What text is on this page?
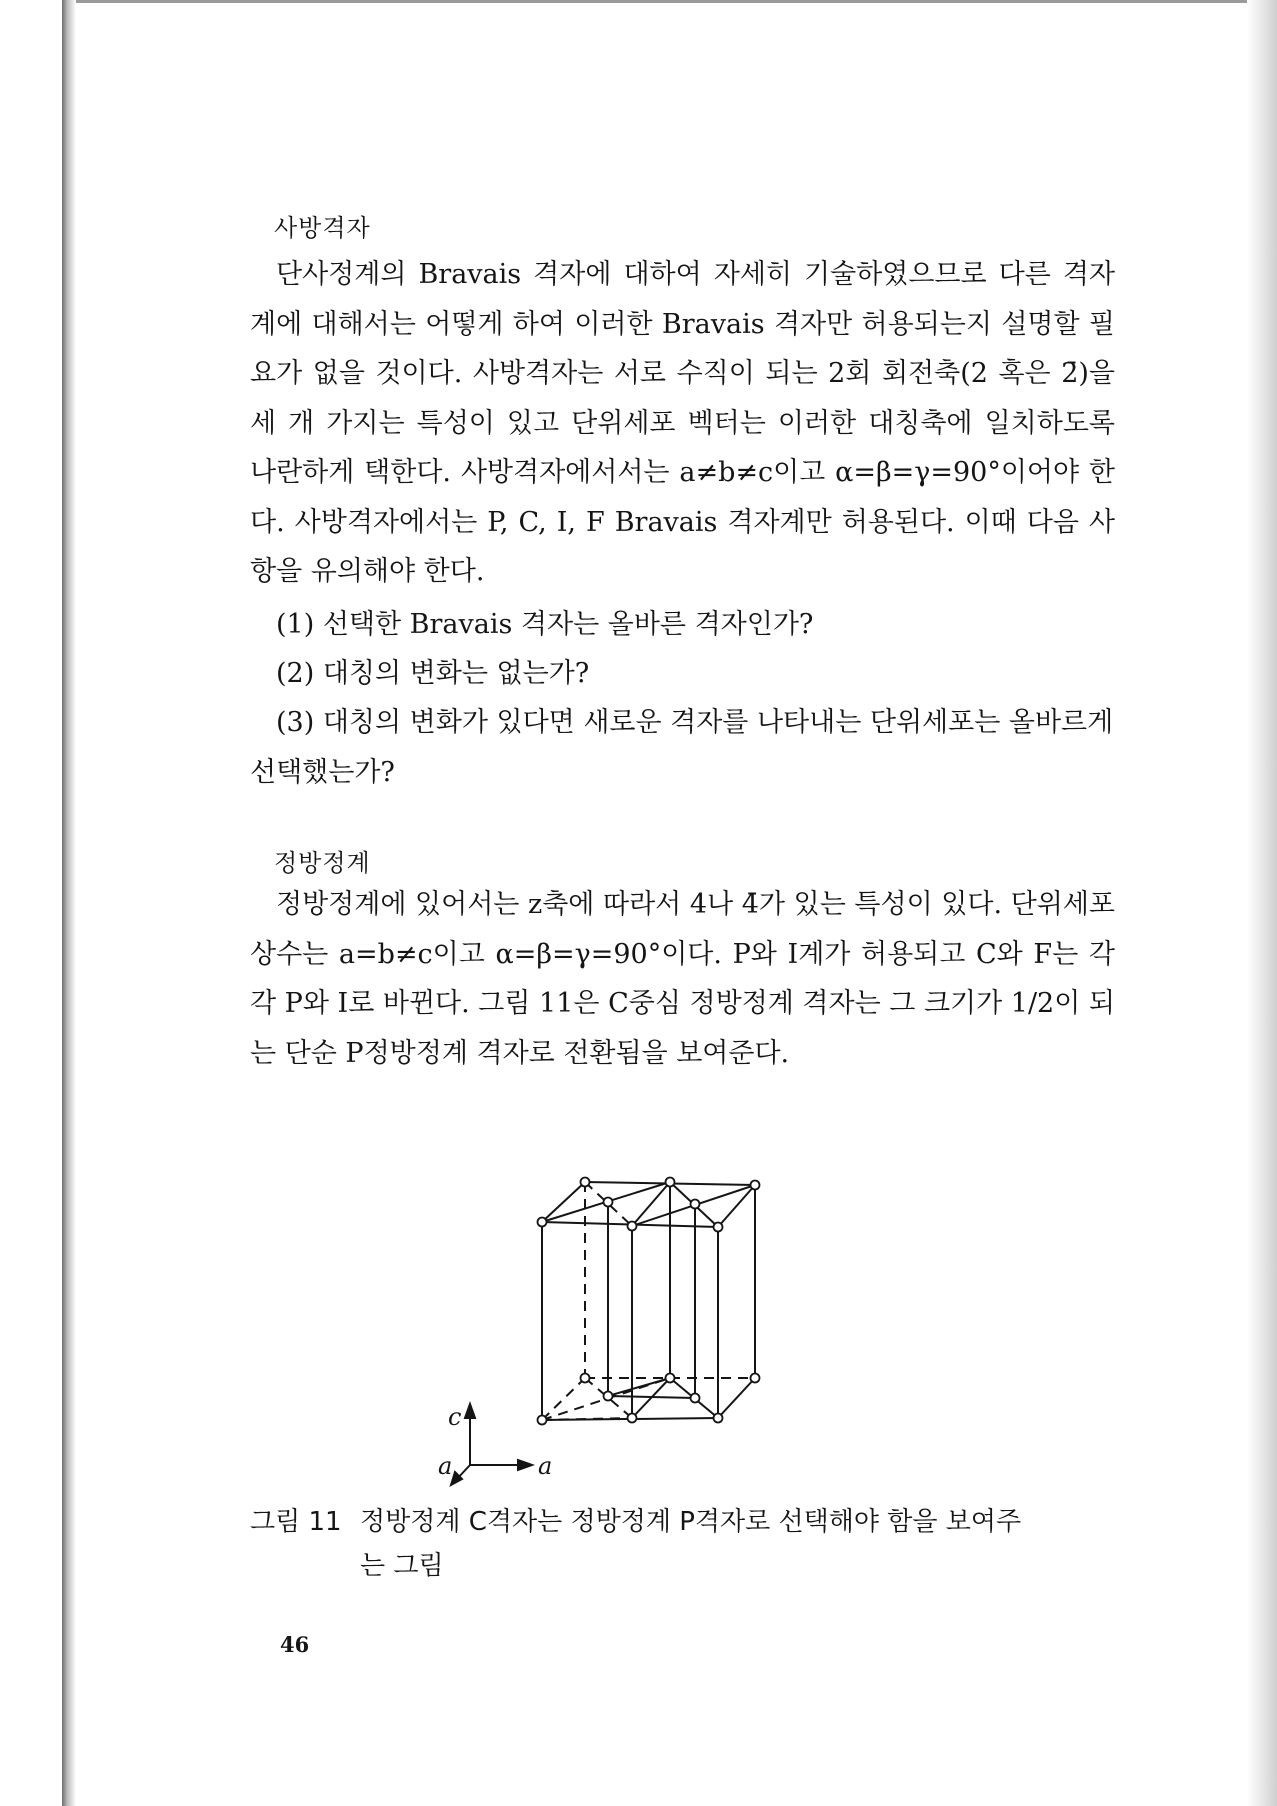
사방격자

단사정계의 Bravais 격자에 대하여 자세히 기술하였으므로 다른 격자계에 대해서는 어떻게 하여 이러한 Bravais 격자만 허용되는지 설명할 필요가 없을 것이다. 사방격자는 서로 수직이 되는 2회 회전축(2 혹은 2̄)을 세 개 가지는 특성이 있고 단위세포 벡터는 이러한 대칭축에 일치하도록 나란하게 택한다. 사방격자에서서는 a≠b≠c이고 α=β=γ=90°이어야 한다. 사방격자에서는 P, C, I, F Bravais 격자계만 허용된다. 이때 다음 사항을 유의해야 한다.

(1) 선택한 Bravais 격자는 올바른 격자인가?
(2) 대칭의 변화는 없는가?
(3) 대칭의 변화가 있다면 새로운 격자를 나타내는 단위세포는 올바르게 선택했는가?
정방정계

정방정계에 있어서는 z축에 따라서 4나 4̄가 있는 특성이 있다. 단위세포상수는 a=b≠c이고 α=β=γ=90°이다. P와 I계가 허용되고 C와 F는 각각 P와 I로 바뀐다. 그림 11은 C중심 정방정계 격자는 그 크기가 1/2이 되는 단순 P정방정계 격자로 전환됨을 보여준다.

c
a
a
그림 11 정방정계 C격자는 정방정계 P격자로 선택해야 함을 보여주
는 그림
46
